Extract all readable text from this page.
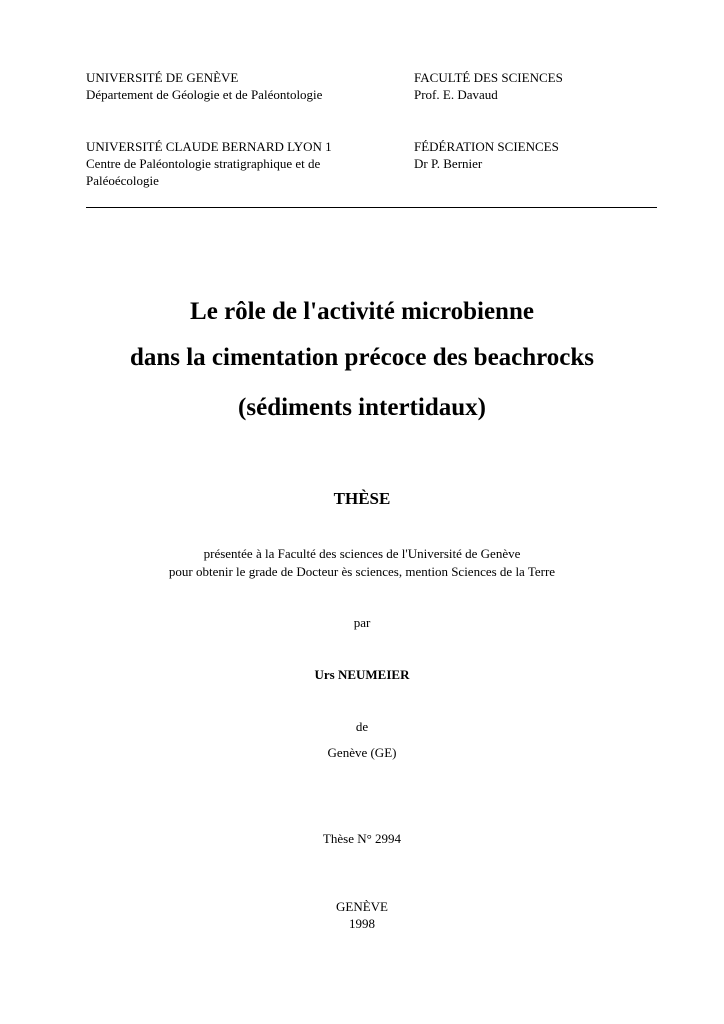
UNIVERSITÉ DE GENÈVE
Département de Géologie et de Paléontologie
FACULTÉ DES SCIENCES
Prof. E. Davaud
UNIVERSITÉ CLAUDE BERNARD LYON 1
Centre de Paléontologie stratigraphique et de
Paléoécologie
FÉDÉRATION SCIENCES
Dr P. Bernier
Le rôle de l'activité microbienne
dans la cimentation précoce des beachrocks
(sédiments intertidaux)
THÈSE
présentée à la Faculté des sciences de l'Université de Genève
pour obtenir le grade de Docteur ès sciences, mention Sciences de la Terre
par
Urs NEUMEIER
de
Genève (GE)
Thèse N° 2994
GENÈVE
1998
